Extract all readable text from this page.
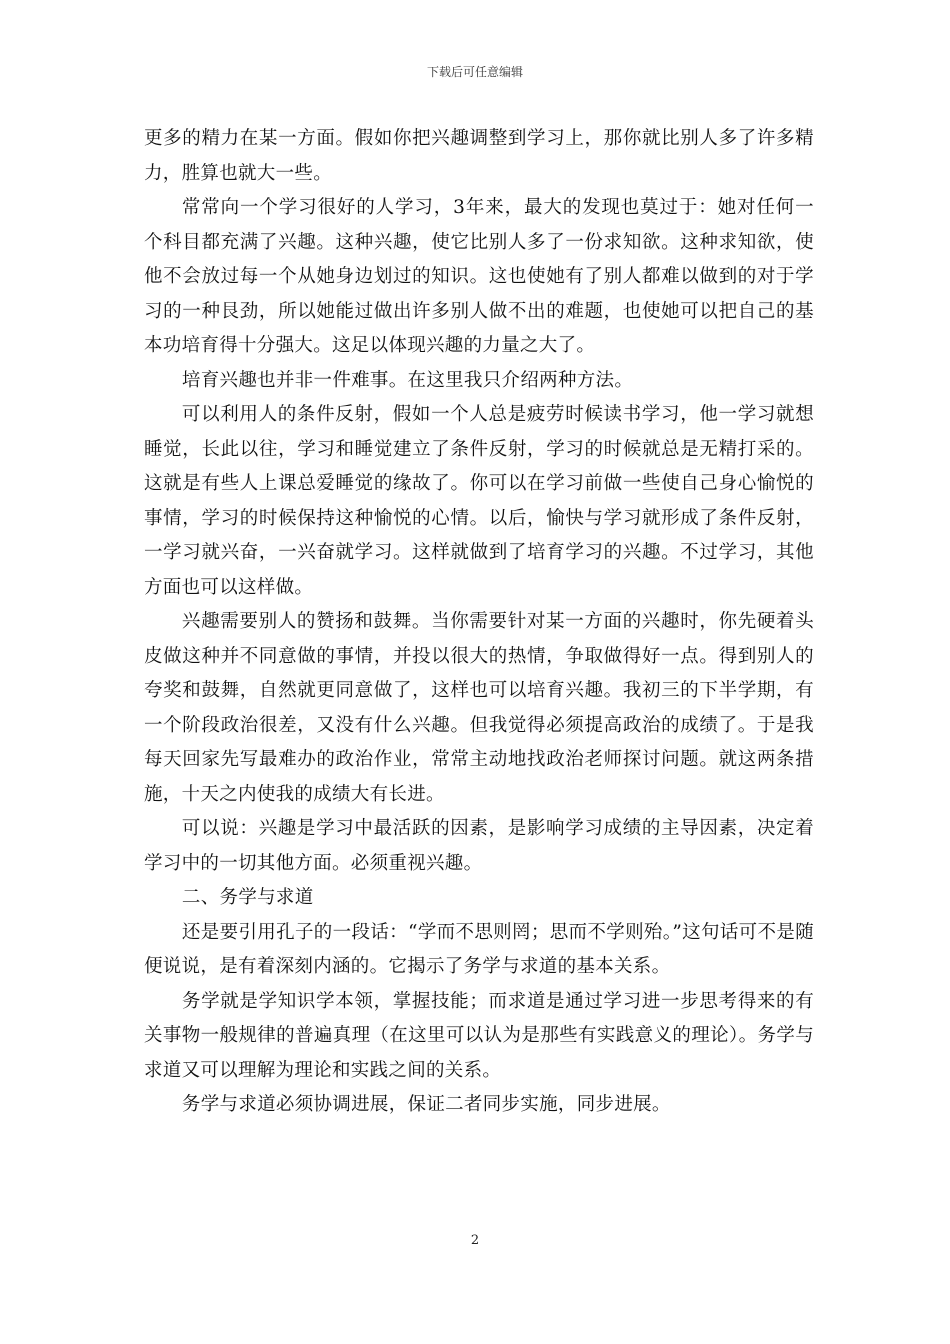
下载后可任意编辑

更多的精力在某一方面。假如你把兴趣调整到学习上，那你就比别人多了许多精力，胜算也就大一些。

常常向一个学习很好的人学习，3年来，最大的发现也莫过于：她对任何一个科目都充满了兴趣。这种兴趣，使它比别人多了一份求知欲。这种求知欲，使他不会放过每一个从她身边划过的知识。这也使她有了别人都难以做到的对于学习的一种艮劲，所以她能过做出许多别人做不出的难题，也使她可以把自己的基本功培育得十分强大。这足以体现兴趣的力量之大了。

培育兴趣也并非一件难事。在这里我只介绍两种方法。

可以利用人的条件反射，假如一个人总是疲劳时候读书学习，他一学习就想睡觉，长此以往，学习和睡觉建立了条件反射，学习的时候就总是无精打采的。这就是有些人上课总爱睡觉的缘故了。你可以在学习前做一些使自己身心愉悦的事情，学习的时候保持这种愉悦的心情。以后，愉快与学习就形成了条件反射，一学习就兴奋，一兴奋就学习。这样就做到了培育学习的兴趣。不过学习，其他方面也可以这样做。

兴趣需要别人的赞扬和鼓舞。当你需要针对某一方面的兴趣时，你先硬着头皮做这种并不同意做的事情，并投以很大的热情，争取做得好一点。得到别人的夸奖和鼓舞，自然就更同意做了，这样也可以培育兴趣。我初三的下半学期，有一个阶段政治很差，又没有什么兴趣。但我觉得必须提高政治的成绩了。于是我每天回家先写最难办的政治作业，常常主动地找政治老师探讨问题。就这两条措施，十天之内使我的成绩大有长进。

可以说：兴趣是学习中最活跃的因素，是影响学习成绩的主导因素，决定着学习中的一切其他方面。必须重视兴趣。

二、务学与求道

还是要引用孔子的一段话：“学而不思则罔；思而不学则殆。”这句话可不是随便说说，是有着深刻内涵的。它揭示了务学与求道的基本关系。

务学就是学知识学本领，掌握技能；而求道是通过学习进一步思考得来的有关事物一般规律的普遍真理（在这里可以认为是那些有实践意义的理论）。务学与求道又可以理解为理论和实践之间的关系。

务学与求道必须协调进展，保证二者同步实施，同步进展。

2
